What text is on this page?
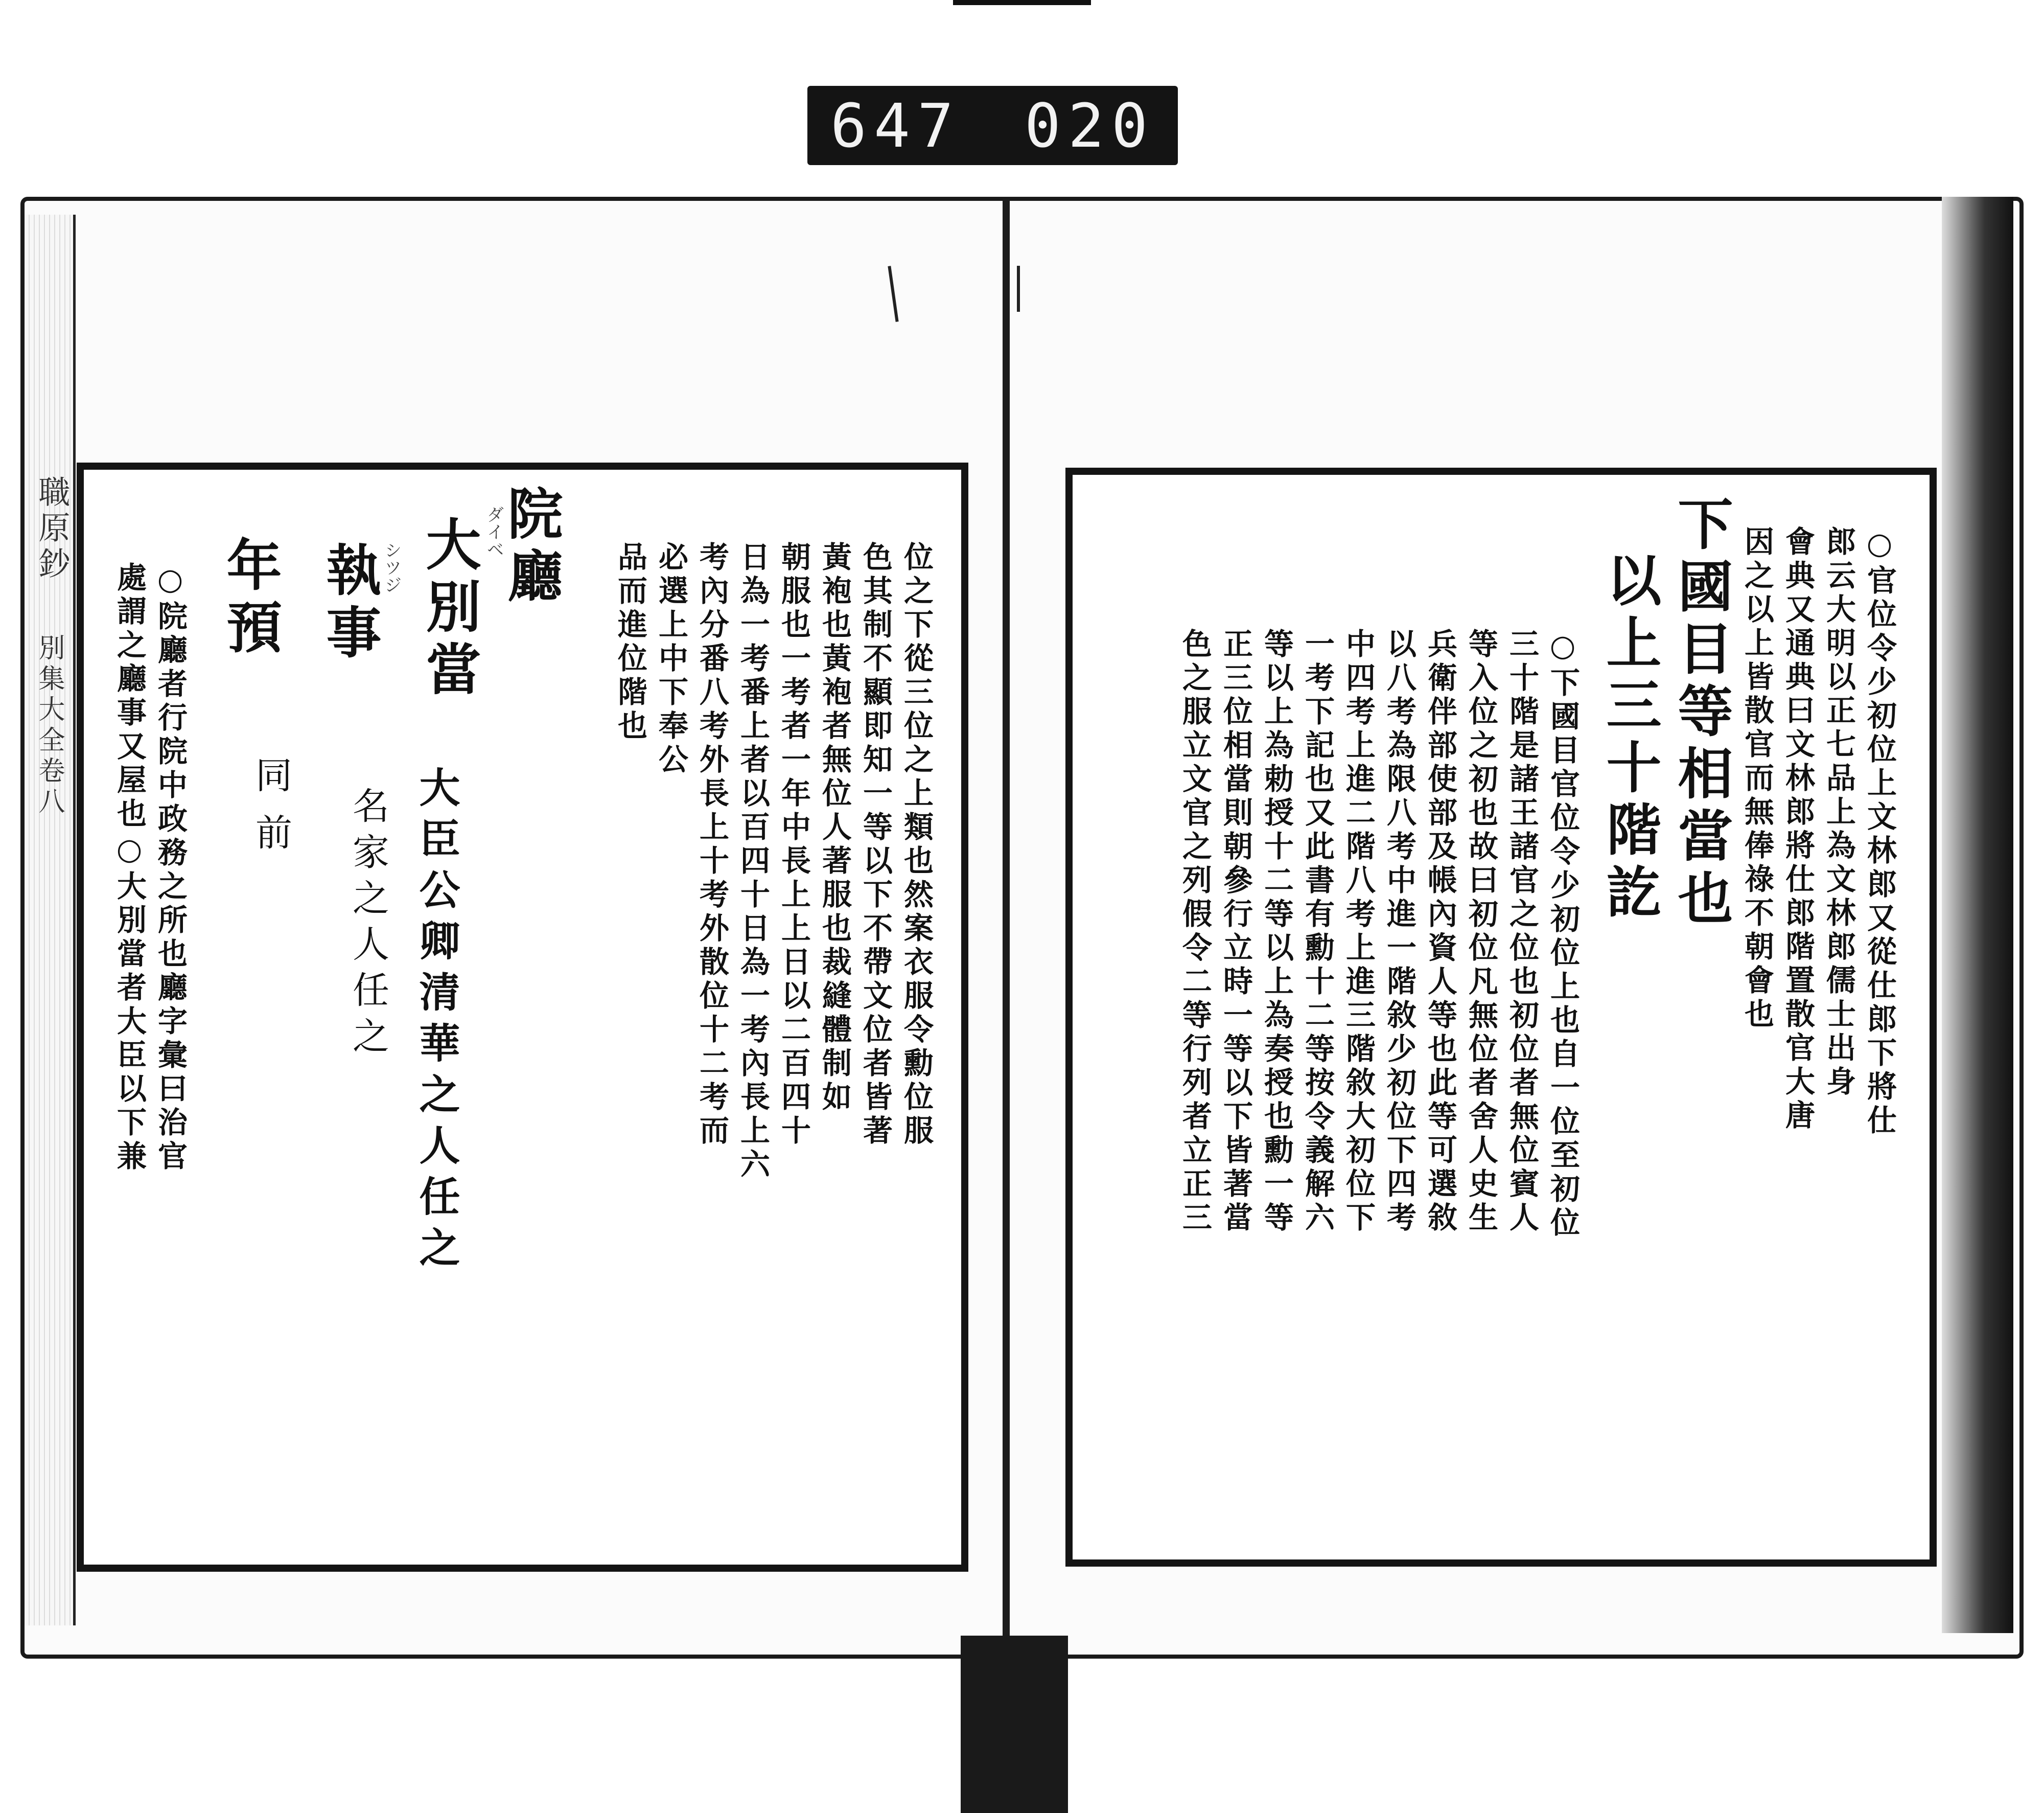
647 020
職原鈔
別集大全卷八	○官位令少初位上文林郎又從仕郎下將仕
郎云大明以正七品上為文林郎儒士出身
會典又通典曰文林郎將仕郎階置散官大唐
因之以上皆散官而無俸祿不朝會也
下國目等相當也
以上三十階訖
○下國目官位令少初位上也自一位至初位
三十階是諸王諸官之位也初位者無位賓人
等入位之初也故曰初位凡無位者舍人史生
兵衛伴部使部及帳內資人等也此等可選敘
以八考為限八考中進一階敘少初位下四考
中四考上進二階八考上進三階敘大初位下
一考下記也又此書有勳十二等按令義解六
等以上為勅授十二等以上為奏授也勳一等
正三位相當則朝參行立時一等以下皆著當
色之服立文官之列假令二等行列者立正三
位之下從三位之上類也然案衣服令勳位服
色其制不顯即知一等以下不帶文位者皆著
黃袍也黃袍者無位人著服也裁縫體制如
朝服也一考者一年中長上上日以二百四十
日為一考番上者以百四十日為一考內長上六
考內分番八考外長上十考外散位十二考而
必選上中下奉公
品而進位階也
院廳
ダイベ
大別當
大臣公卿清華之人任之
シツジ
執事
名家之人任之
年預
同前
○院廳者行院中政務之所也廳字彙曰治官
處謂之廳事又屋也○大別當者大臣以下兼
